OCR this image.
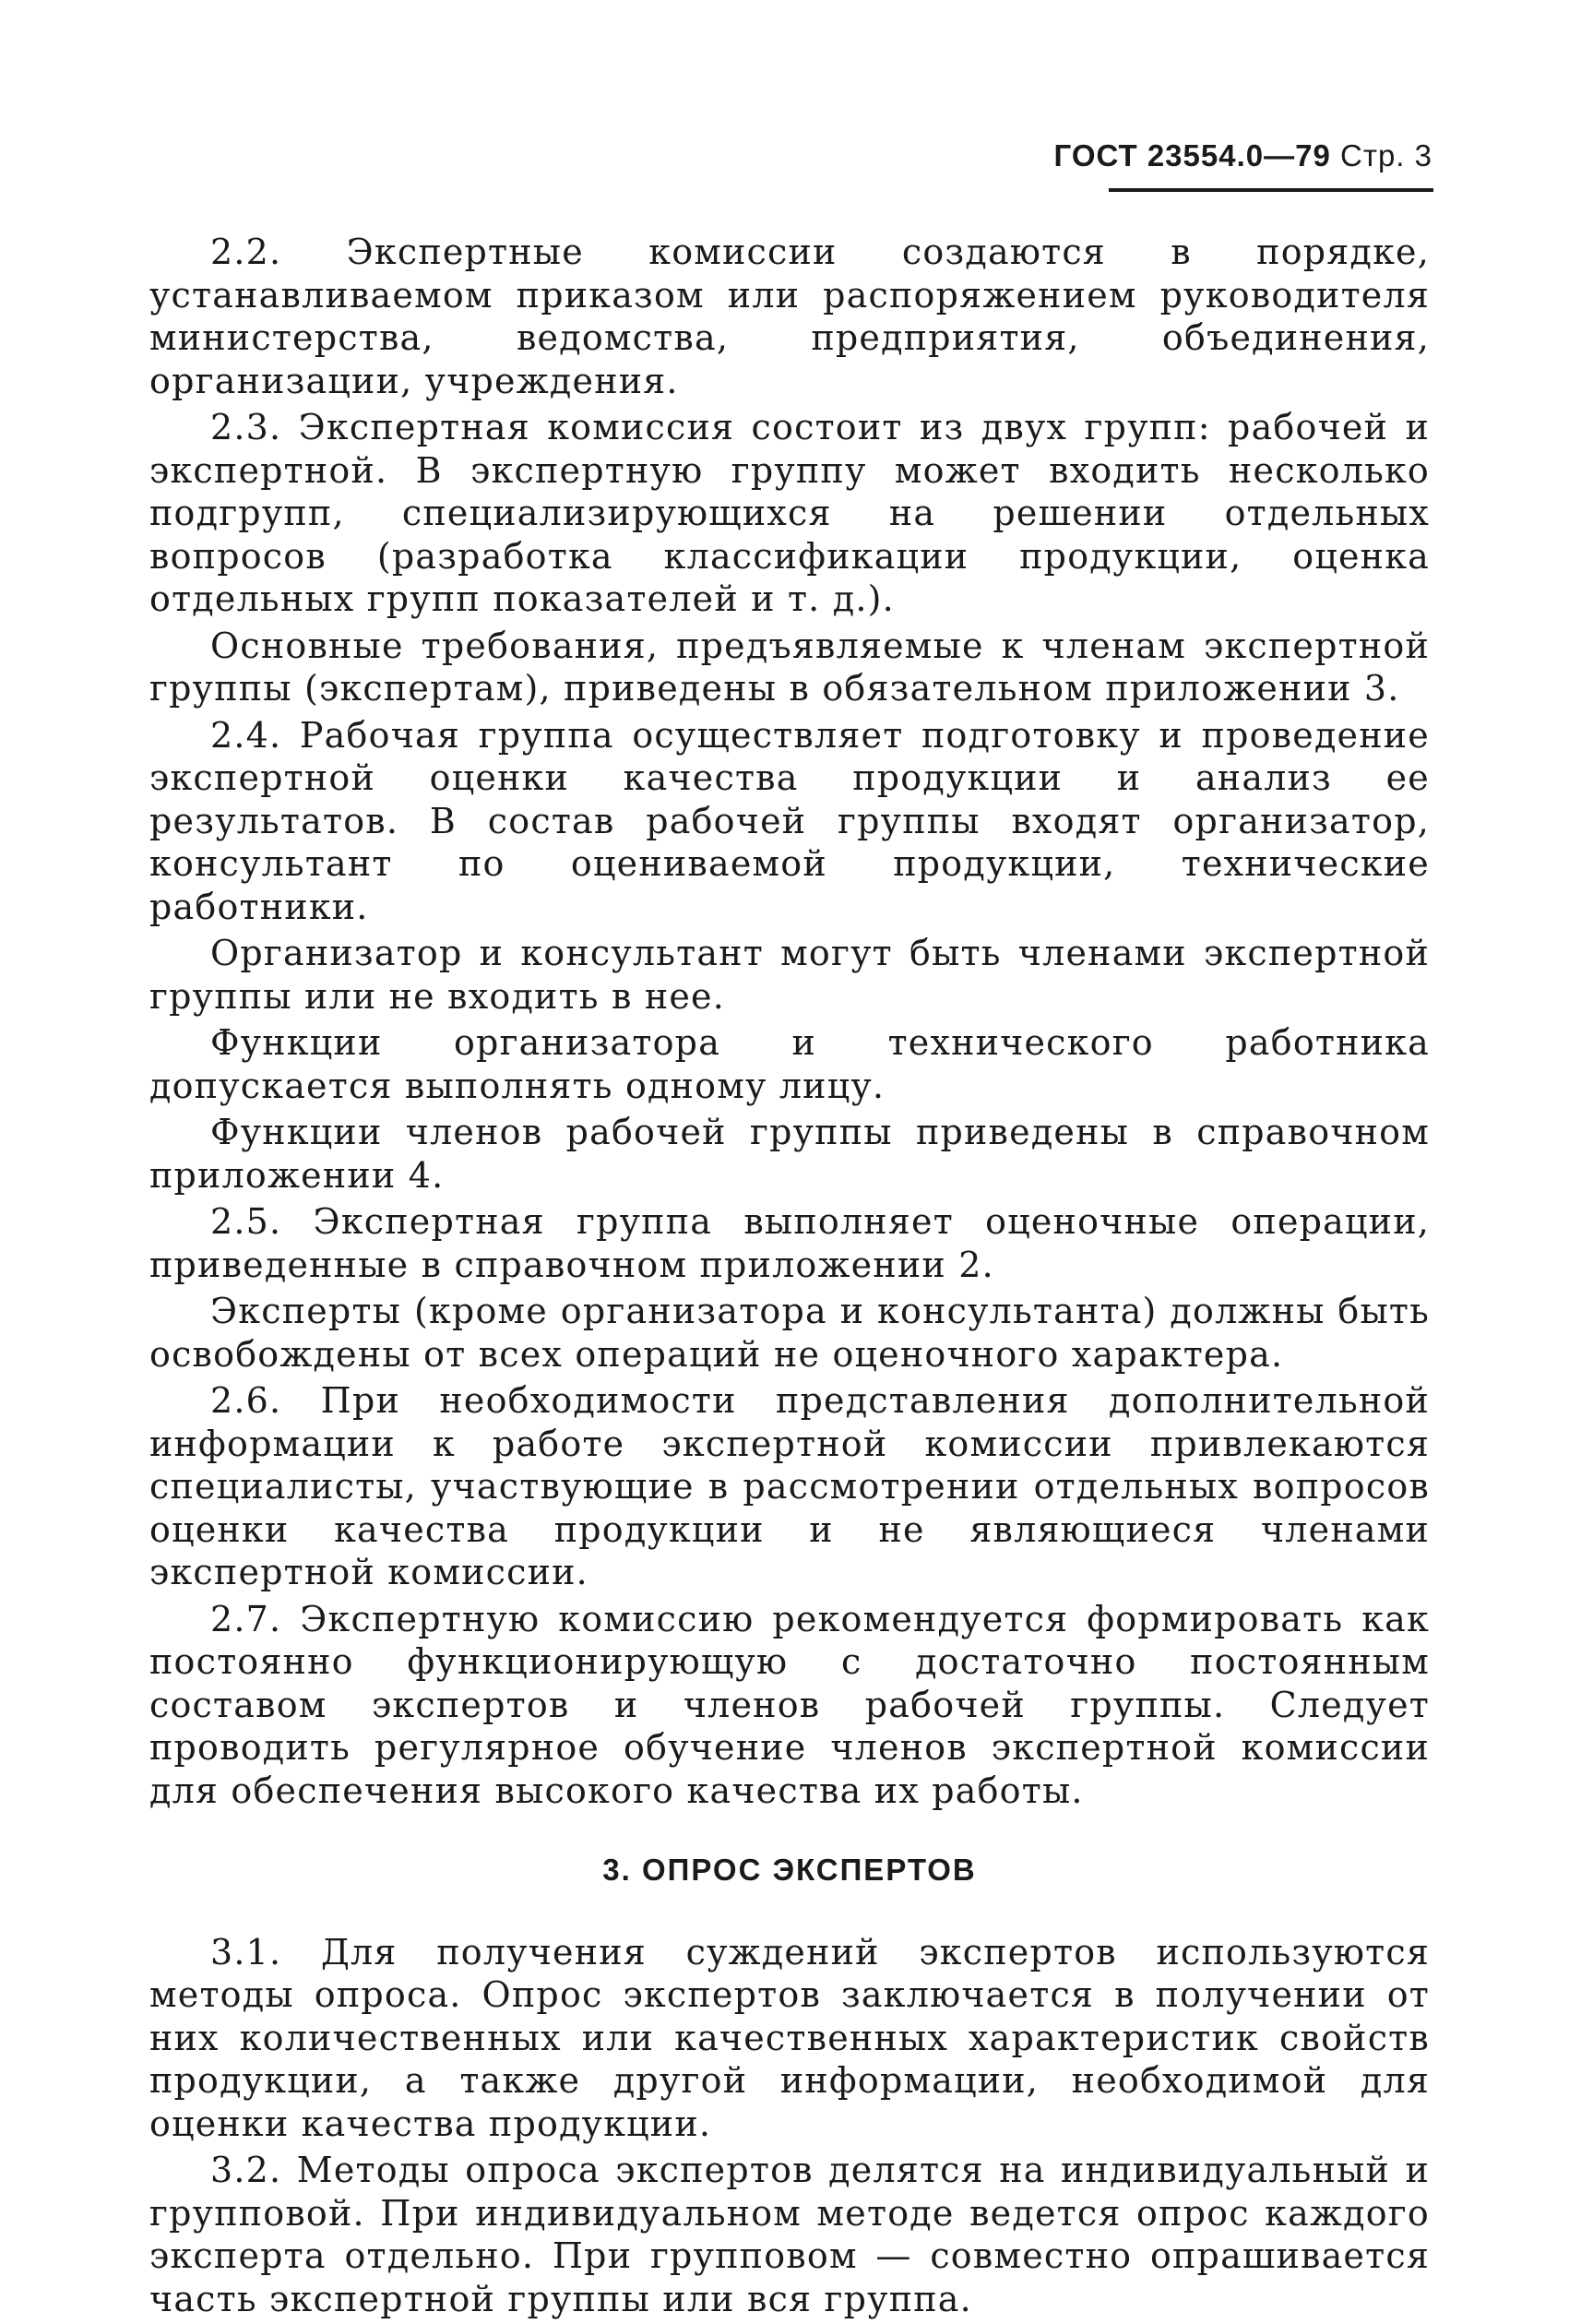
ГОСТ 23554.0—79 Стр. 3

2.2. Экспертные комиссии создаются в порядке, устанавливаемом приказом или распоряжением руководителя министерства, ведомства, предприятия, объединения, организации, учреждения.

2.3. Экспертная комиссия состоит из двух групп: рабочей и экспертной. В экспертную группу может входить несколько подгрупп, специализирующихся на решении отдельных вопросов (разработка классификации продукции, оценка отдельных групп показателей и т. д.).

Основные требования, предъявляемые к членам экспертной группы (экспертам), приведены в обязательном приложении 3.

2.4. Рабочая группа осуществляет подготовку и проведение экспертной оценки качества продукции и анализ ее результатов. В состав рабочей группы входят организатор, консультант по оцениваемой продукции, технические работники.

Организатор и консультант могут быть членами экспертной группы или не входить в нее.

Функции организатора и технического работника допускается выполнять одному лицу.

Функции членов рабочей группы приведены в справочном приложении 4.

2.5. Экспертная группа выполняет оценочные операции, приведенные в справочном приложении 2.

Эксперты (кроме организатора и консультанта) должны быть освобождены от всех операций не оценочного характера.

2.6. При необходимости представления дополнительной информации к работе экспертной комиссии привлекаются специалисты, участвующие в рассмотрении отдельных вопросов оценки качества продукции и не являющиеся членами экспертной комиссии.

2.7. Экспертную комиссию рекомендуется формировать как постоянно функционирующую с достаточно постоянным составом экспертов и членов рабочей группы. Следует проводить регулярное обучение членов экспертной комиссии для обеспечения высокого качества их работы.

3. ОПРОС ЭКСПЕРТОВ

3.1. Для получения суждений экспертов используются методы опроса. Опрос экспертов заключается в получении от них количественных или качественных характеристик свойств продукции, а также другой информации, необходимой для оценки качества продукции.

3.2. Методы опроса экспертов делятся на индивидуальный и групповой. При индивидуальном методе ведется опрос каждого эксперта отдельно. При групповом — совместно опрашивается часть экспертной группы или вся группа.
